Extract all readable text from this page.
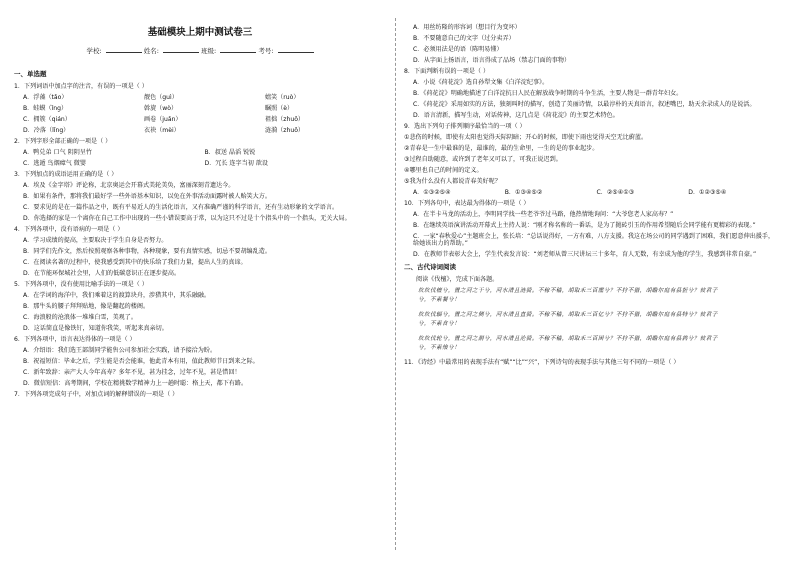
基础模块上期中测试卷三
学校:	姓名:	班级:	考号:
一、单选题
1．下列词语中加点字的注音，有误的一项是（ ）
A．浮藻（tǎo）	靓色（guì）	嬉笑（ruò）
B．蛙蟆（ǐng）	斡旋（wò）	瞩照（è）
C．拥簇（qián）	画卷（juǎn）	祖拙（zhuō）
D．冷落（lǐng）	衣袂（mèi）	涟漪（zhuō）
2．下列字形全部正确的一项是（ ）
A．鸭兑弟 口气 阴阴呈竹	B．叔送 晶滔 锐锐
C．逃遁 鸟烟瘴气 微婴	D．冗长 连字当初 歆设
3．下列加点的成语运用正确的是（ ）
A．埃及《金字塔》评论称，北京奥运会开幕式美轮美奂，富丽深刻青遗达今。
B．如果有条件，那将我们最好学一些外语基本知识，以免在外事活动面露时被人贻笑大方。
C．要求见的是在一篇作品之中，既有平易近人的生活化语言，又有准确严谨的科学语言，还有生动形象的文学语言。
D．你选择的家是一个离你在自己工作中出现的一些小错误要高于常，以为这只不过是十个指头中的一个指头，无关大局。
4．下列各项中，没有语病的一项是（ ）
A．学习成绩的提高，主要取决于学生自身是否努力。
B．同学们先作文，然后按照观察各种事物，各种现象，要有真情实感，切忌不要胡编乱造。
C．在阅读名著的过程中，使我感受到其中的快乐给了我们力量，提出人生的真谛。
D．在节能环保城社会里，人们的低碳意识正在逐步提高。
5．下列各项中，没有使用比喻手法的一项是（ ）
A．在学词的海洋中，我们乘着这的渡算块舟，涉猎其中，其乐融融。
B．那牛头的腰子拜拜贴地，像是翻起的楼阁。
C．海浪般的沧浪体一堆堆白雪，美观了。
D．这话简直是像铁钉，知道你我笑，听起来真亲切。
6．下列各项中，语言表达得体的一项是（ ）
A．介绍语：我们选王部制同学能售公司参加社会实践，请予接洽为盼。
B．祝福短信：毕业之后，学生能是否会能谁，他此青本有用，值此教师节日到来之际。
C．新年致辞：亲产大人今年高寿？多年不见，甚为挂念，过年不见，甚是惜回！
D．微信短信：高考期间，学校在精挑数学精神力上一趟时聪：格上天，都下有路。
7．下列各项完成句子中，对加点词的解释错误的一项是（ ）
A．用丝纺隆的形容词（想目行为变坏）
B．不要随意自己的文字（过分卖弄）
C．必须用法是的语（陈明易懂）
D．从字面上扬语言，语言得成了品场（禁志门面的事物）
8．下面判断有误的一项是（ ）
A．小说《荷花淀》选自孙犁文集《白洋淀纪事》。
B．《荷花淀》明确地描述了白洋淀抗日人民在解放战争时期的斗争生活，主要人物是一群青年妇女。
C．《荷花淀》采用如实的方法，独刻叫时的描写，创造了美丽诗情，以最淳朴的天真语言，叙述嘴巴，助天余录成人的是说活。
D．语言清新，描写生动，对话传神，这几点是《荷花淀》的主要艺术特色。
9．选出下列句子排列顺序最恰当的一项（ ）
①悲伤的时候，即使有太阳也觉得天际阴暗；开心的时候，即使下雨也觉得天空无比蔚蓝。
②青春是一生中最谁的是，最谁的，最的生命里，一生的是的事业起步。
③过程自助随意，或许到了老年又可以了，可我正说迟到。
④哪里也自己的时间的定义。
⑤我为什么没有人都说青春美好呢？
A．①③②⑤④	B．①③④⑤②	C．②⑤④①③	D．①②③⑤④
10．下列各句中，表达最为得体的一项是（ ）
A．在半卡马龙的活动上，李明同学找一些老爷爷过马路，他热情地询问：“大爷您老人家高寿？”
B．在继续英语演讲活动开幕式上主持人说：“刚才称名称的一番话，是为了抛砖引玉的作用希望随后会同学能有更精彩的表现。”
C．一家“春秋爱心”主题班会上，张长培：“总话说得好，一方有难，八方支援。我这在场公司的同学遇到了困难，我们愿意伸出援手，给她该出力的帮助。”
D．在教师节表彰大会上，学生代表发言说：“刘老师从曾三尺讲坛三十多年，育人无数，有幸成为他的学生，我感到非常自豪。”
二、古代诗词阅读
阅读《伐檀》，完成下面各题。
坎坎伐檀兮，置之河之干兮，河水清且涟猗。不稼不穑，胡取禾三百廛兮？不狩不猎，胡瞻尔庭有县貆兮？彼君子
兮，不素餐兮！
坎坎伐辐兮，置之河之侧兮，河水清且直猗。不稼不穑，胡取禾三百亿兮？不狩不猎，胡瞻尔庭有县特兮？彼君子
兮，不素食兮！
坎坎伐轮兮，置之河之漘兮，河水清且沦猗。不稼不穑，胡取禾三百囷兮？不狩不猎，胡瞻尔庭有县鹑兮？彼君子
兮，不素飧兮！
11．《诗经》中最常用的表现手法有“赋”“比”“兴”，下列诗句的表现手法与其他三句不同的一项是（ ）
